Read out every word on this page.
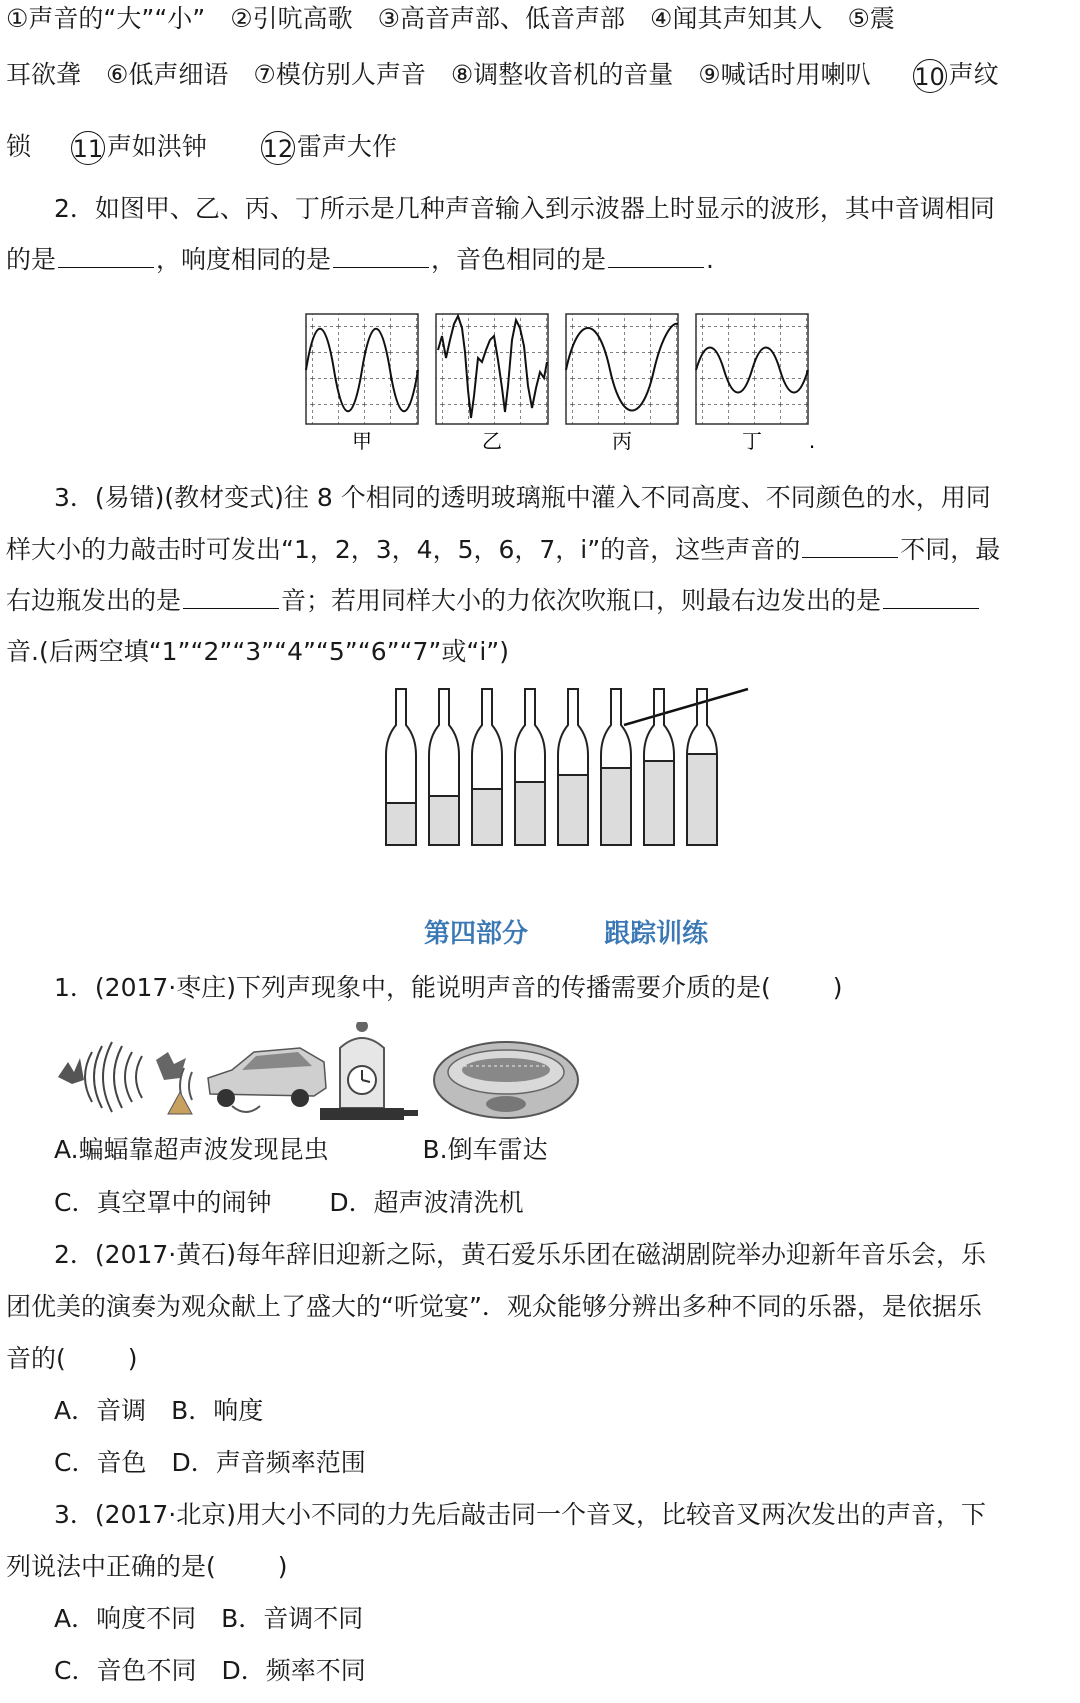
①声音的“大”“小”　②引吭高歌　③高音声部、低音声部　④闻其声知其人　⑤震
耳欲聋　⑥低声细语　⑦模仿别人声音　⑧调整收音机的音量　⑨喊话时用喇叭 10 声纹
锁 11 声如洪钟 12 雷声大作
2．如图甲、乙、丙、丁所示是几种声音输入到示波器上时显示的波形，其中音调相同
的是	，响度相同的是	，音色相同的是	.
甲	乙	丙	丁 .
3．(易错)(教材变式)往 8 个相同的透明玻璃瓶中灌入不同高度、不同颜色的水，用同
样大小的力敲击时可发出“1，2，3，4，5，6，7，i”的音，这些声音的	不同，最
右边瓶发出的是	音；若用同样大小的力依次吹瓶口，则最右边发出的是
音.(后两空填“1”“2”“3”“4”“5”“6”“7”或“i”)
第四部分	跟踪训练
1．(2017·枣庄)下列声现象中，能说明声音的传播需要介质的是( )
A.蝙蝠靠超声波发现昆虫	B.倒车雷达
C．真空罩中的闹钟 D．超声波清洗机
2．(2017·黄石)每年辞旧迎新之际，黄石爱乐乐团在磁湖剧院举办迎新年音乐会，乐
团优美的演奏为观众献上了盛大的“听觉宴”．观众能够分辨出多种不同的乐器，是依据乐
音的( )
A．音调　B．响度
C．音色　D．声音频率范围
3．(2017·北京)用大小不同的力先后敲击同一个音叉，比较音叉两次发出的声音，下
列说法中正确的是( )
A．响度不同　B．音调不同
C．音色不同　D．频率不同
